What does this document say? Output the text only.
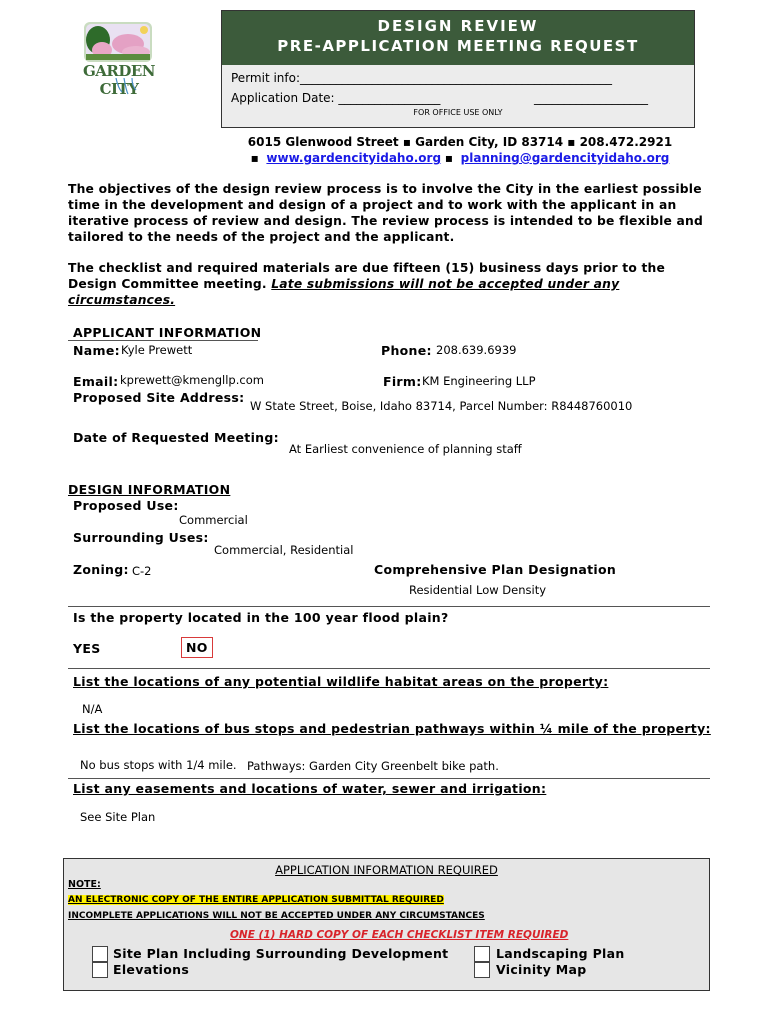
GARDEN CITY
DESIGN REVIEW
PRE-APPLICATION MEETING REQUEST
Permit info:____________________________________________________
Application Date: _________________	___________________
FOR OFFICE USE ONLY
6015 Glenwood Street ▪ Garden City, ID 83714 ▪ 208.472.2921
▪ www.gardencityidaho.org ▪ planning@gardencityidaho.org
The objectives of the design review process is to involve the City in the earliest possible time in the development and design of a project and to work with the applicant in an iterative process of review and design. The review process is intended to be flexible and tailored to the needs of the project and the applicant.
The checklist and required materials are due fifteen (15) business days prior to the Design Committee meeting. Late submissions will not be accepted under any circumstances.
APPLICANT INFORMATION
Name: Kyle Prewett	Phone: 208.639.6939
Email: kprewett@kmengllp.com	Firm: KM Engineering LLP
Proposed Site Address:
W State Street, Boise, Idaho 83714, Parcel Number: R8448760010
Date of Requested Meeting:
At Earliest convenience of planning staff
DESIGN INFORMATION
Proposed Use:
Commercial
Surrounding Uses:
Commercial, Residential
Zoning: C-2	Comprehensive Plan Designation
Residential Low Density
Is the property located in the 100 year flood plain?
YES	NO
List the locations of any potential wildlife habitat areas on the property:
N/A
List the locations of bus stops and pedestrian pathways within ¼ mile of the property:
No bus stops with 1/4 mile. Pathways: Garden City Greenbelt bike path.
List any easements and locations of water, sewer and irrigation:
See Site Plan
APPLICATION INFORMATION REQUIRED
NOTE:
AN ELECTRONIC COPY OF THE ENTIRE APPLICATION SUBMITTAL REQUIRED
INCOMPLETE APPLICATIONS WILL NOT BE ACCEPTED UNDER ANY CIRCUMSTANCES
ONE (1) HARD COPY OF EACH CHECKLIST ITEM REQUIRED
Site Plan Including Surrounding Development
Elevations
Landscaping Plan
Vicinity Map
